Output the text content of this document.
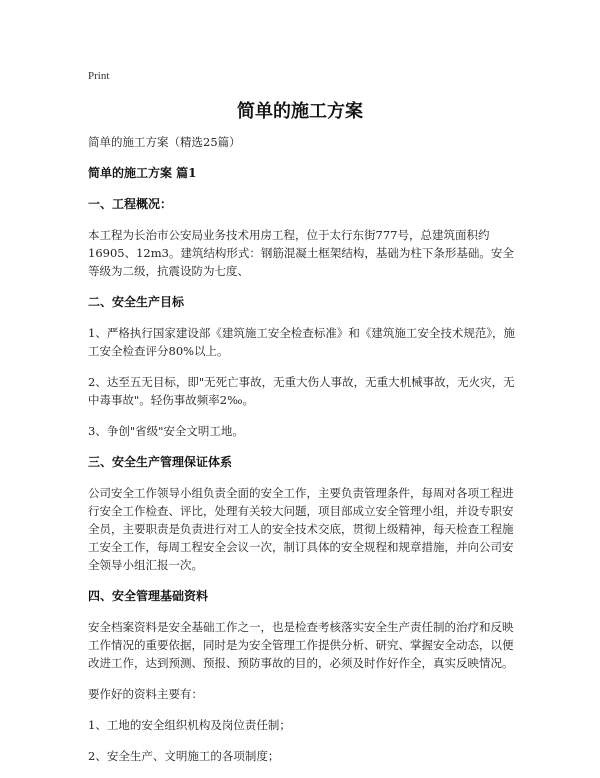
Print
简单的施工方案

简单的施工方案（精选25篇）

简单的施工方案 篇1
一、工程概况：

本工程为长治市公安局业务技术用房工程，位于太行东街777号，总建筑面积约16905、12m3。建筑结构形式：钢筋混凝土框架结构，基础为柱下条形基础。安全等级为二级，抗震设防为七度、

二、安全生产目标

1、严格执行国家建设部《建筑施工安全检查标准》和《建筑施工安全技术规范》，施工安全检查评分80%以上。

2、达至五无目标，即"无死亡事故，无重大伤人事故，无重大机械事故，无火灾，无中毒事故"。轻伤事故频率2‰。

3、争创"省级"安全文明工地。

三、安全生产管理保证体系

公司安全工作领导小组负责全面的安全工作，主要负责管理条件，每周对各项工程进行安全工作检查、评比，处理有关较大问题，项目部成立安全管理小组，并设专职安全员，主要职责是负责进行对工人的安全技术交底，贯彻上级精神，每天检查工程施工安全工作，每周工程安全会议一次，制订具体的安全规程和规章措施，并向公司安全领导小组汇报一次。

四、安全管理基础资料

安全档案资料是安全基础工作之一，也是检查考核落实安全生产责任制的治疗和反映工作情况的重要依据，同时是为安全管理工作提供分析、研究、掌握安全动态，以便改进工作，达到预测、预报、预防事故的目的，必须及时作好作全，真实反映情况。

要作好的资料主要有：

1、工地的安全组织机构及岗位责任制；

2、安全生产、文明施工的各项制度；
